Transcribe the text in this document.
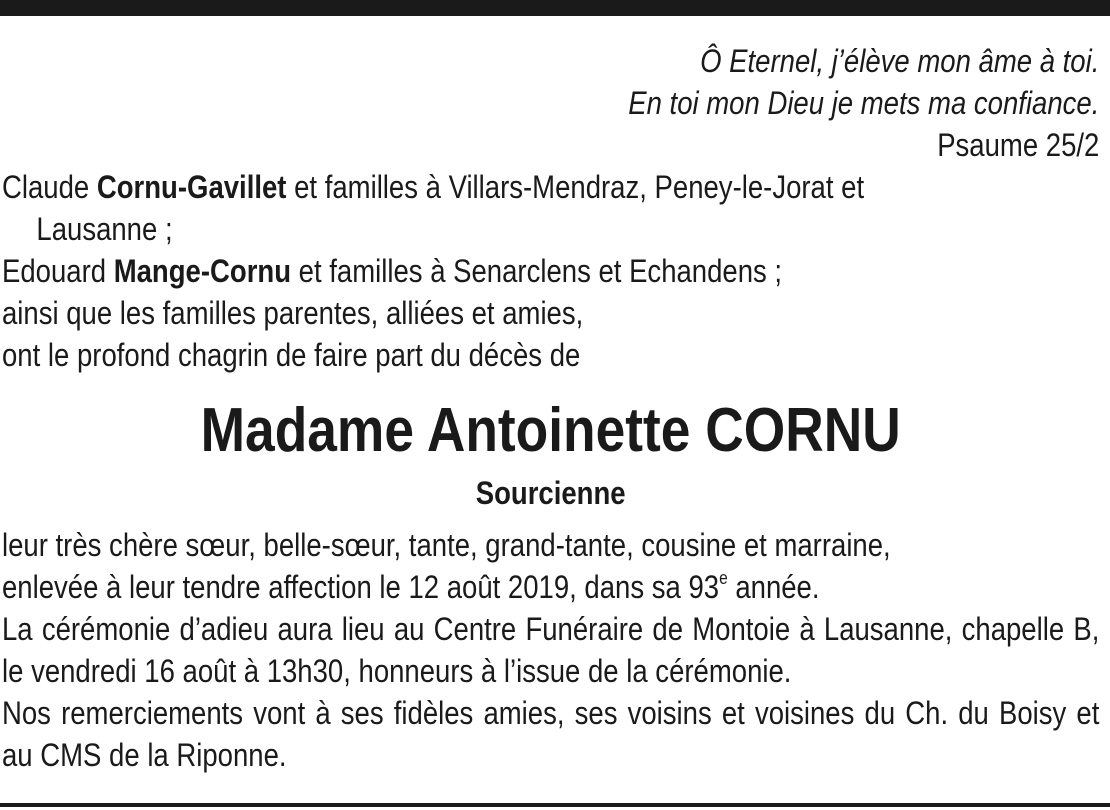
Ô Eternel, j’élève mon âme à toi.

En toi mon Dieu je mets ma confiance.

Psaume 25/2

Claude Cornu-Gavillet et familles à Villars-Mendraz, Peney-le-Jorat et

Lausanne ;

Edouard Mange-Cornu et familles à Senarclens et Echandens ;

ainsi que les familles parentes, alliées et amies,

ont le profond chagrin de faire part du décès de

Madame Antoinette CORNU

Sourcienne

leur très chère sœur, belle-sœur, tante, grand-tante, cousine et marraine,

enlevée à leur tendre affection le 12 août 2019, dans sa 93e année.

La cérémonie d’adieu aura lieu au Centre Funéraire de Montoie à Lausanne, chapelle B, le vendredi 16 août à 13h30, honneurs à l’issue de la cérémonie.

Nos remerciements vont à ses fidèles amies, ses voisins et voisines du Ch. du Boisy et au CMS de la Riponne.
